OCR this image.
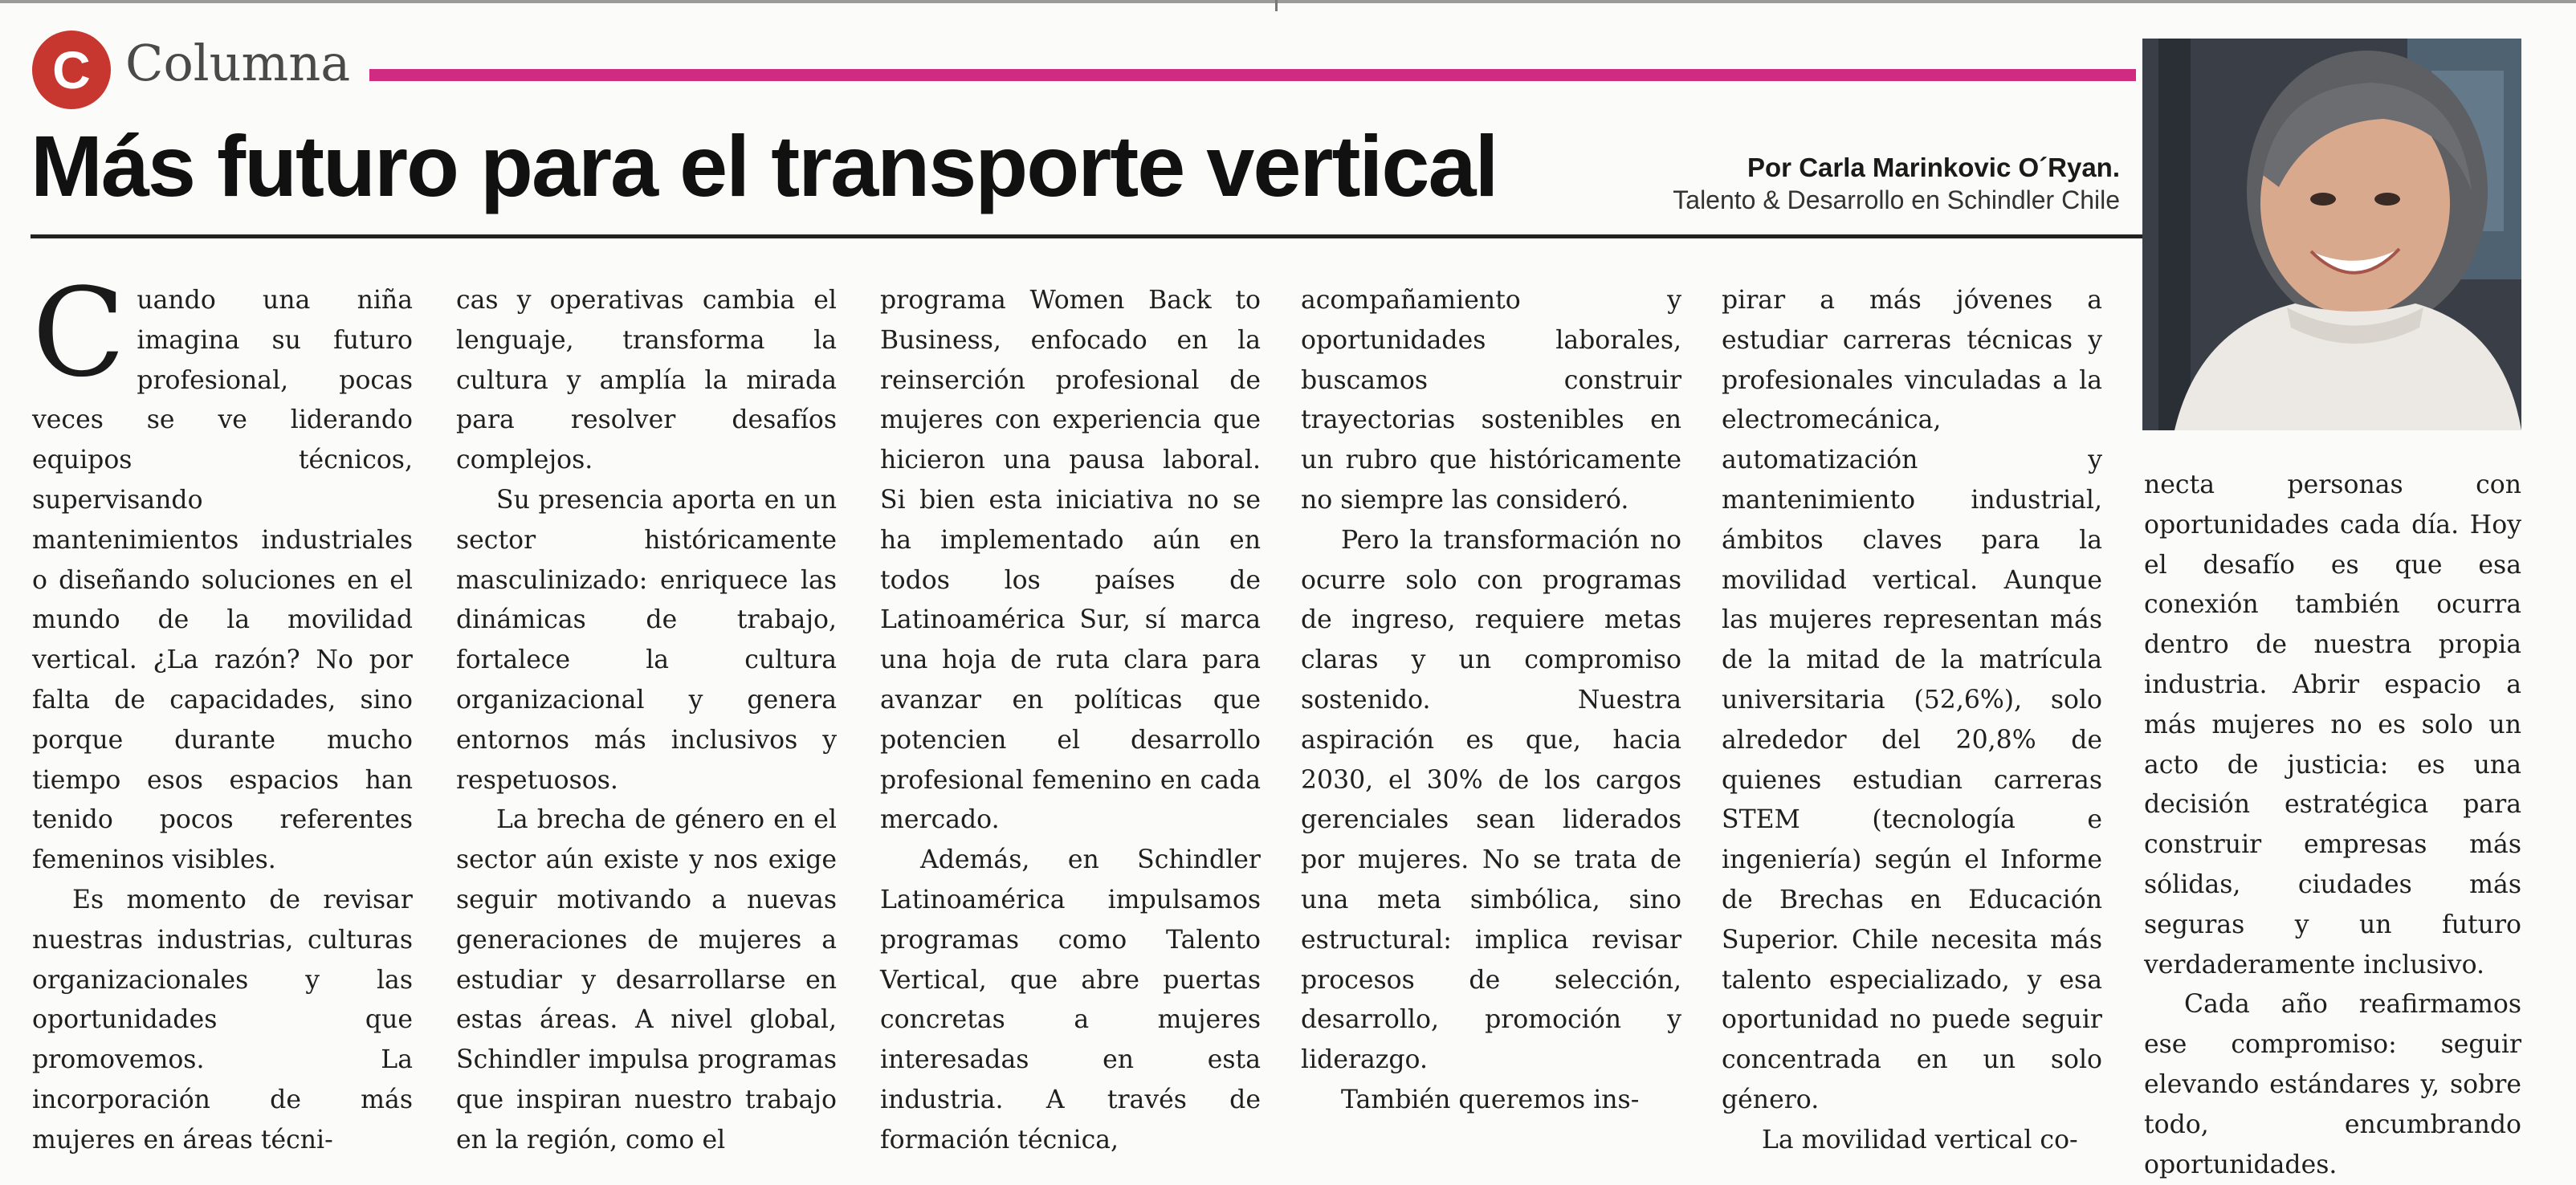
C Columna
Más futuro para el transporte vertical	Por Carla Marinkovic O´Ryan.
Talento & Desarrollo en Schindler Chile

Cuando una niña imagina su futuro profesional, pocas veces se ve liderando equipos técnicos, supervisando mantenimientos industriales o diseñando soluciones en el mundo de la movilidad vertical. ¿La razón? No por falta de capacidades, sino porque durante mucho tiempo esos espacios han tenido pocos referentes femeninos visibles.

Es momento de revisar nuestras industrias, culturas organizacionales y las oportunidades que promovemos. La incorporación de más mujeres en áreas técni-

cas y operativas cambia el lenguaje, transforma la cultura y amplía la mirada para resolver desafíos complejos.

Su presencia aporta en un sector históricamente masculinizado: enriquece las dinámicas de trabajo, fortalece la cultura organizacional y genera entornos más inclusivos y respetuosos.

La brecha de género en el sector aún existe y nos exige seguir motivando a nuevas generaciones de mujeres a estudiar y desarrollarse en estas áreas. A nivel global, Schindler impulsa programas que inspiran nuestro trabajo en la región, como el

programa Women Back to Business, enfocado en la reinserción profesional de mujeres con experiencia que hicieron una pausa laboral. Si bien esta iniciativa no se ha implementado aún en todos los países de Latinoamérica Sur, sí marca una hoja de ruta clara para avanzar en políticas que potencien el desarrollo profesional femenino en cada mercado.

Además, en Schindler Latinoamérica impulsamos programas como Talento Vertical, que abre puertas concretas a mujeres interesadas en esta industria. A través de formación técnica,

acompañamiento y oportunidades laborales, buscamos construir trayectorias sostenibles en un rubro que históricamente no siempre las consideró.

Pero la transformación no ocurre solo con programas de ingreso, requiere metas claras y un compromiso sostenido. Nuestra aspiración es que, hacia 2030, el 30% de los cargos gerenciales sean liderados por mujeres. No se trata de una meta simbólica, sino estructural: implica revisar procesos de selección, desarrollo, promoción y liderazgo.

También queremos ins-

pirar a más jóvenes a estudiar carreras técnicas y profesionales vinculadas a la electromecánica, automatización y mantenimiento industrial, ámbitos claves para la movilidad vertical. Aunque las mujeres representan más de la mitad de la matrícula universitaria (52,6%), solo alrededor del 20,8% de quienes estudian carreras STEM (tecnología e ingeniería) según el Informe de Brechas en Educación Superior. Chile necesita más talento especializado, y esa oportunidad no puede seguir concentrada en un solo género.

La movilidad vertical co-

necta personas con oportunidades cada día. Hoy el desafío es que esa conexión también ocurra dentro de nuestra propia industria. Abrir espacio a más mujeres no es solo un acto de justicia: es una decisión estratégica para construir empresas más sólidas, ciudades más seguras y un futuro verdaderamente inclusivo.

Cada año reafirmamos ese compromiso: seguir elevando estándares y, sobre todo, encumbrando oportunidades.
